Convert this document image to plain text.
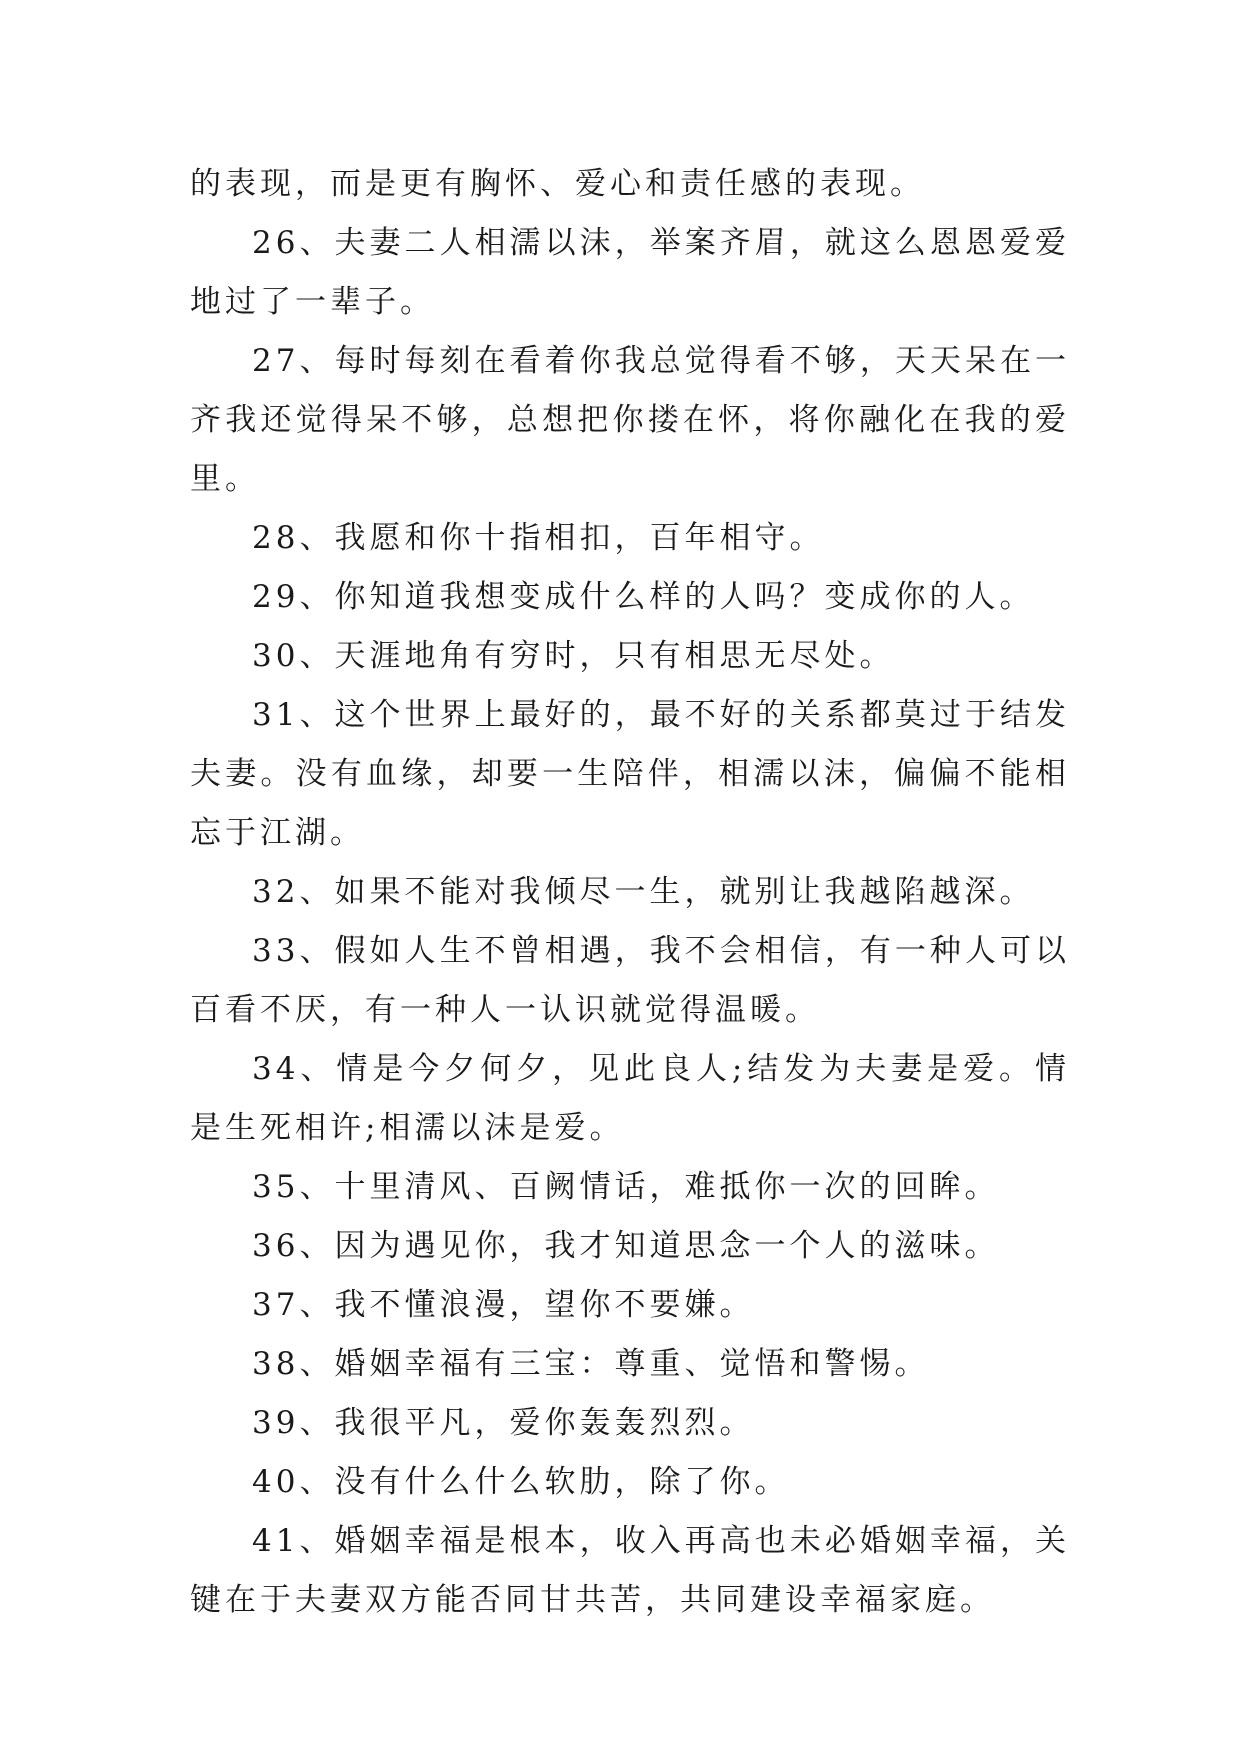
的表现，而是更有胸怀、爱心和责任感的表现。

26、夫妻二人相濡以沫，举案齐眉，就这么恩恩爱爱地过了一辈子。

27、每时每刻在看着你我总觉得看不够，天天呆在一齐我还觉得呆不够，总想把你搂在怀，将你融化在我的爱里。

28、我愿和你十指相扣，百年相守。

29、你知道我想变成什么样的人吗？变成你的人。

30、天涯地角有穷时，只有相思无尽处。

31、这个世界上最好的，最不好的关系都莫过于结发夫妻。没有血缘，却要一生陪伴，相濡以沫，偏偏不能相忘于江湖。

32、如果不能对我倾尽一生，就别让我越陷越深。

33、假如人生不曾相遇，我不会相信，有一种人可以百看不厌，有一种人一认识就觉得温暖。

34、情是今夕何夕，见此良人;结发为夫妻是爱。情是生死相许;相濡以沫是爱。

35、十里清风、百阙情话，难抵你一次的回眸。

36、因为遇见你，我才知道思念一个人的滋味。

37、我不懂浪漫，望你不要嫌。

38、婚姻幸福有三宝：尊重、觉悟和警惕。

39、我很平凡，爱你轰轰烈烈。

40、没有什么什么软肋，除了你。

41、婚姻幸福是根本，收入再高也未必婚姻幸福，关键在于夫妻双方能否同甘共苦，共同建设幸福家庭。
